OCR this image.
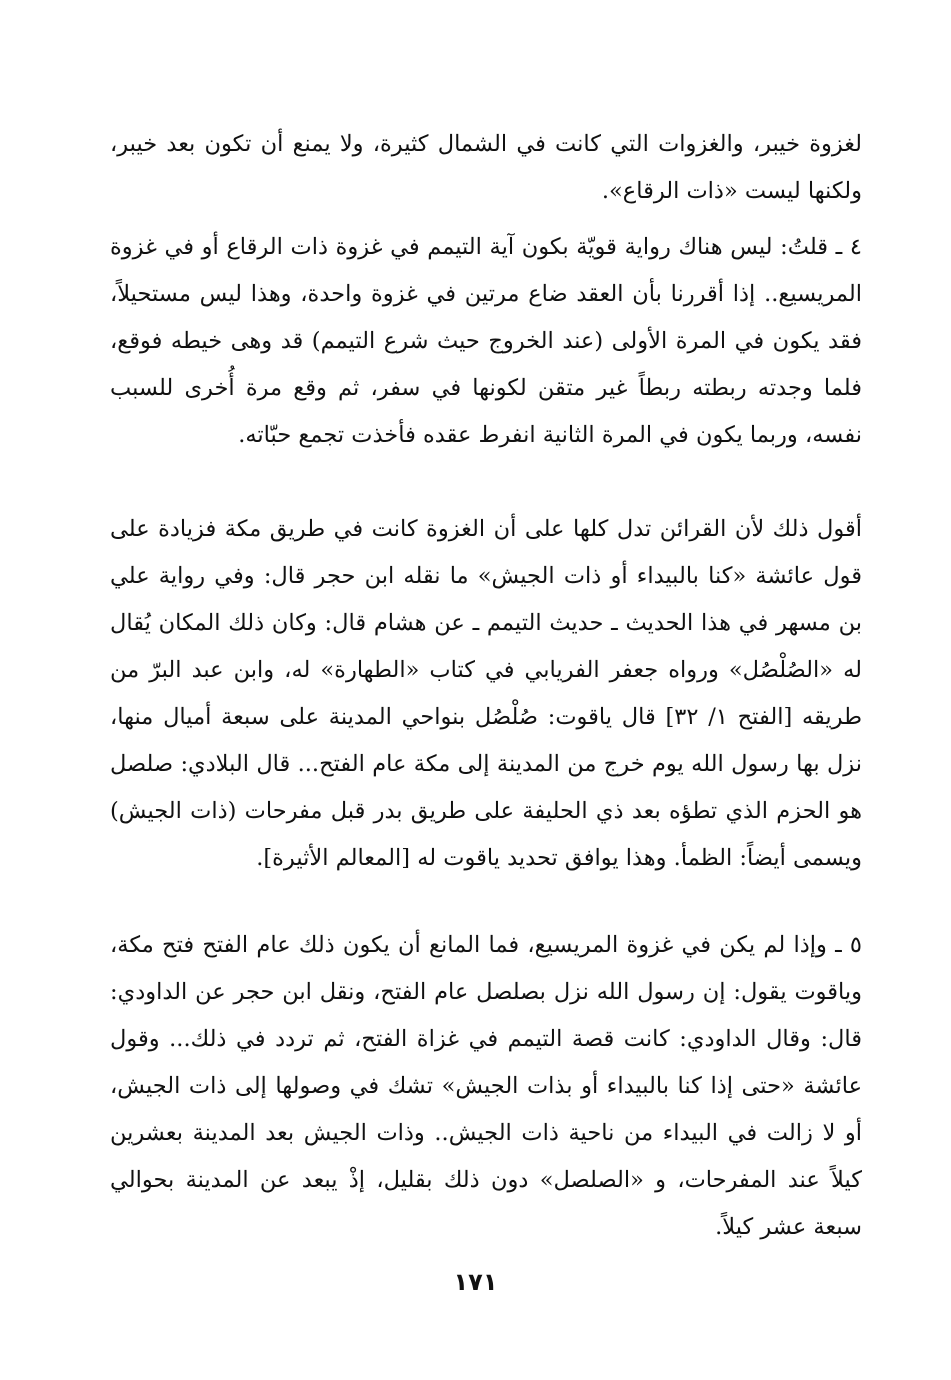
لغزوة خيبر، والغزوات التي كانت في الشمال كثيرة، ولا يمنع أن تكون بعد خيبر، ولكنها ليست «ذات الرقاع».

٤ ـ قلتُ: ليس هناك رواية قويّة بكون آية التيمم في غزوة ذات الرقاع أو في غزوة المريسيع.. إذا أقررنا بأن العقد ضاع مرتين في غزوة واحدة، وهذا ليس مستحيلاً، فقد يكون في المرة الأولى (عند الخروج حيث شرع التيمم) قد وهى خيطه فوقع، فلما وجدته ربطته ربطاً غير متقن لكونها في سفر، ثم وقع مرة أُخرى للسبب نفسه، وربما يكون في المرة الثانية انفرط عقده فأخذت تجمع حبّاته.

أقول ذلك لأن القرائن تدل كلها على أن الغزوة كانت في طريق مكة فزيادة على قول عائشة «كنا بالبيداء أو ذات الجيش» ما نقله ابن حجر قال: وفي رواية علي بن مسهر في هذا الحديث ـ حديث التيمم ـ عن هشام قال: وكان ذلك المكان يُقال له «الصُلْصُل» ورواه جعفر الفريابي في كتاب «الطهارة» له، وابن عبد البرّ من طريقه [الفتح ١/ ٣٢] قال ياقوت: صُلْصُل بنواحي المدينة على سبعة أميال منها، نزل بها رسول الله يوم خرج من المدينة إلى مكة عام الفتح... قال البلادي: صلصل هو الحزم الذي تطؤه بعد ذي الحليفة على طريق بدر قبل مفرحات (ذات الجيش) ويسمى أيضاً: الظمأ. وهذا يوافق تحديد ياقوت له [المعالم الأثيرة].

٥ ـ وإذا لم يكن في غزوة المريسيع، فما المانع أن يكون ذلك عام الفتح فتح مكة، وياقوت يقول: إن رسول الله نزل بصلصل عام الفتح، ونقل ابن حجر عن الداودي: قال: وقال الداودي: كانت قصة التيمم في غزاة الفتح، ثم تردد في ذلك... وقول عائشة «حتى إذا كنا بالبيداء أو بذات الجيش» تشك في وصولها إلى ذات الجيش، أو لا زالت في البيداء من ناحية ذات الجيش.. وذات الجيش بعد المدينة بعشرين كيلاً عند المفرحات، و «الصلصل» دون ذلك بقليل، إذْ يبعد عن المدينة بحوالي سبعة عشر كيلاً.

١٧١
